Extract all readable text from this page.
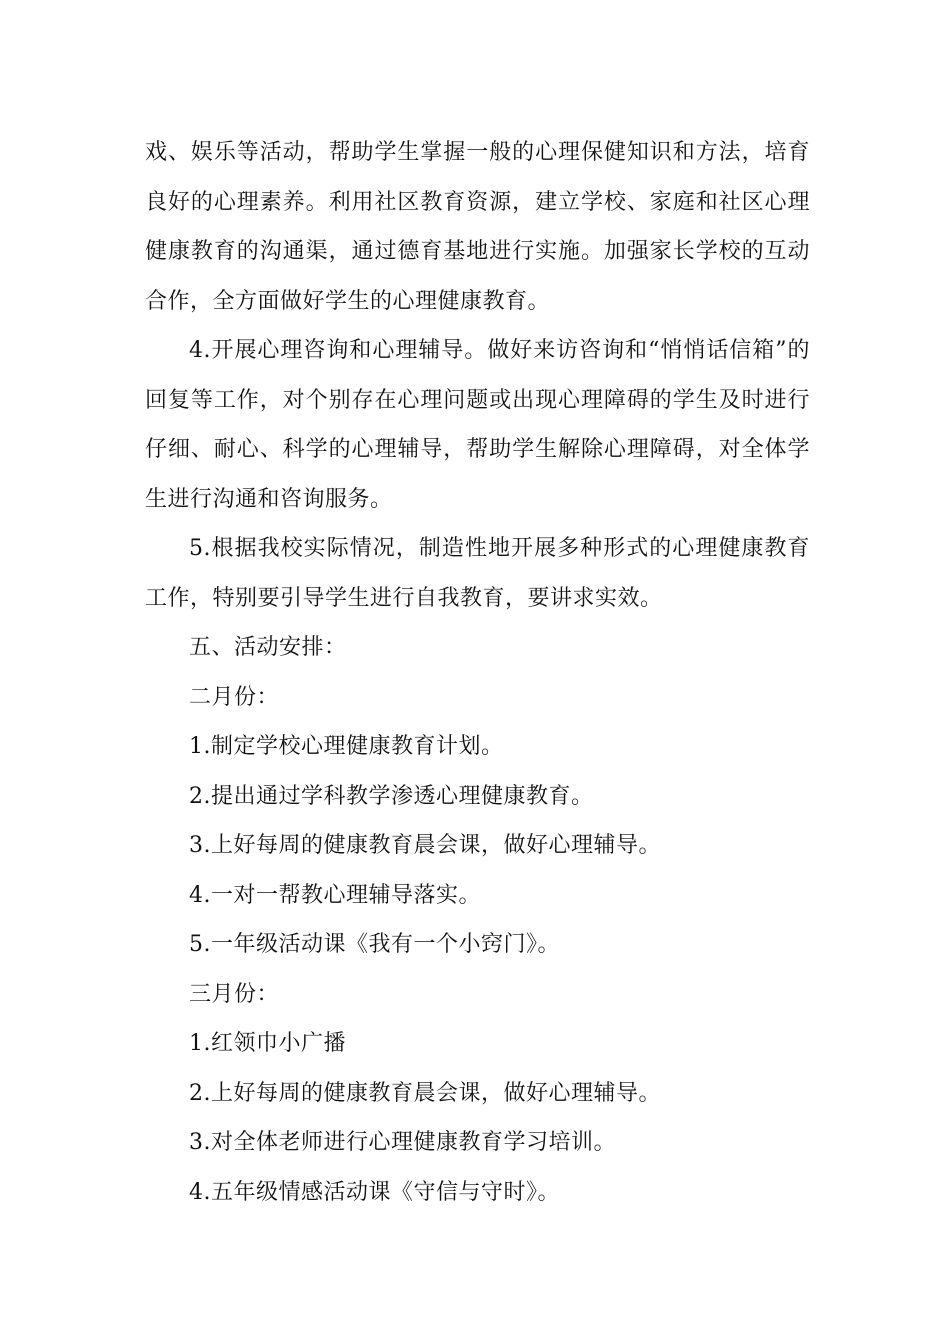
戏、娱乐等活动，帮助学生掌握一般的心理保健知识和方法，培育良好的心理素养。利用社区教育资源，建立学校、家庭和社区心理健康教育的沟通渠，通过德育基地进行实施。加强家长学校的互动合作，全方面做好学生的心理健康教育。

4.开展心理咨询和心理辅导。做好来访咨询和“悄悄话信箱”的回复等工作，对个别存在心理问题或出现心理障碍的学生及时进行仔细、耐心、科学的心理辅导，帮助学生解除心理障碍，对全体学生进行沟通和咨询服务。

5.根据我校实际情况，制造性地开展多种形式的心理健康教育工作，特别要引导学生进行自我教育，要讲求实效。

五、活动安排：

二月份：

1.制定学校心理健康教育计划。

2.提出通过学科教学渗透心理健康教育。

3.上好每周的健康教育晨会课，做好心理辅导。

4.一对一帮教心理辅导落实。

5.一年级活动课《我有一个小窍门》。

三月份：

1.红领巾小广播

2.上好每周的健康教育晨会课，做好心理辅导。

3.对全体老师进行心理健康教育学习培训。

4.五年级情感活动课《守信与守时》。
